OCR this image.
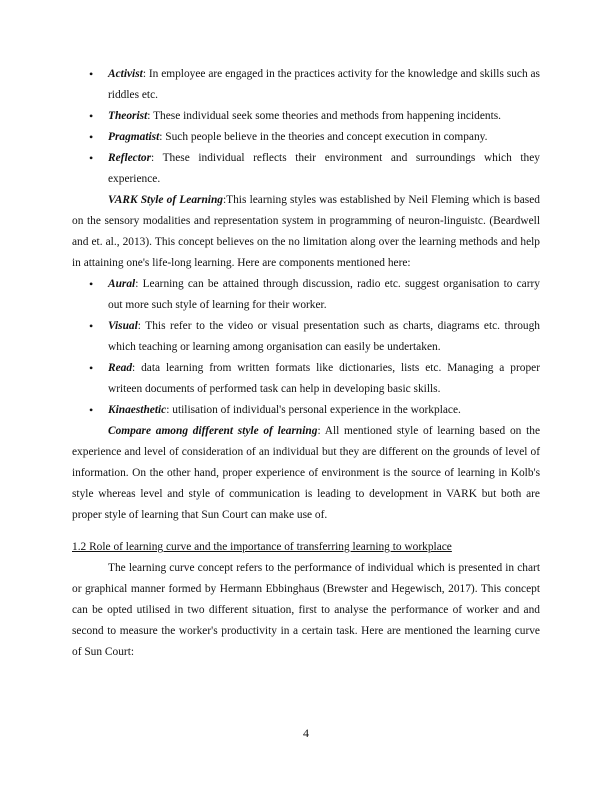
• Activist: In employee are engaged in the practices activity for the knowledge and skills such as riddles etc.
• Theorist: These individual seek some theories and methods from happening incidents.
• Pragmatist: Such people believe in the theories and concept execution in company.
• Reflector: These individual reflects their environment and surroundings which they experience.

VARK Style of Learning:This learning styles was established by Neil Fleming which is based on the sensory modalities and representation system in programming of neuron-linguistc. (Beardwell and et. al., 2013). This concept believes on the no limitation along over the learning methods and help in attaining one's life-long learning. Here are components mentioned here:

• Aural: Learning can be attained through discussion, radio etc. suggest organisation to carry out more such style of learning for their worker.
• Visual: This refer to the video or visual presentation such as charts, diagrams etc. through which teaching or learning among organisation can easily be undertaken.
• Read: data learning from written formats like dictionaries, lists etc. Managing a proper writeen documents of performed task can help in developing basic skills.
• Kinaesthetic: utilisation of individual's personal experience in the workplace.

Compare among different style of learning: All mentioned style of learning based on the experience and level of consideration of an individual but they are different on the grounds of level of information. On the other hand, proper experience of environment is the source of learning in Kolb's style whereas level and style of communication is leading to development in VARK but both are proper style of learning that Sun Court can make use of.

1.2 Role of learning curve and the importance of transferring learning to workplace

The learning curve concept refers to the performance of individual which is presented in chart or graphical manner formed by Hermann Ebbinghaus (Brewster and Hegewisch, 2017). This concept can be opted utilised in two different situation, first to analyse the performance of worker and and second to measure the worker's productivity in a certain task. Here are mentioned the learning curve of Sun Court:

4
